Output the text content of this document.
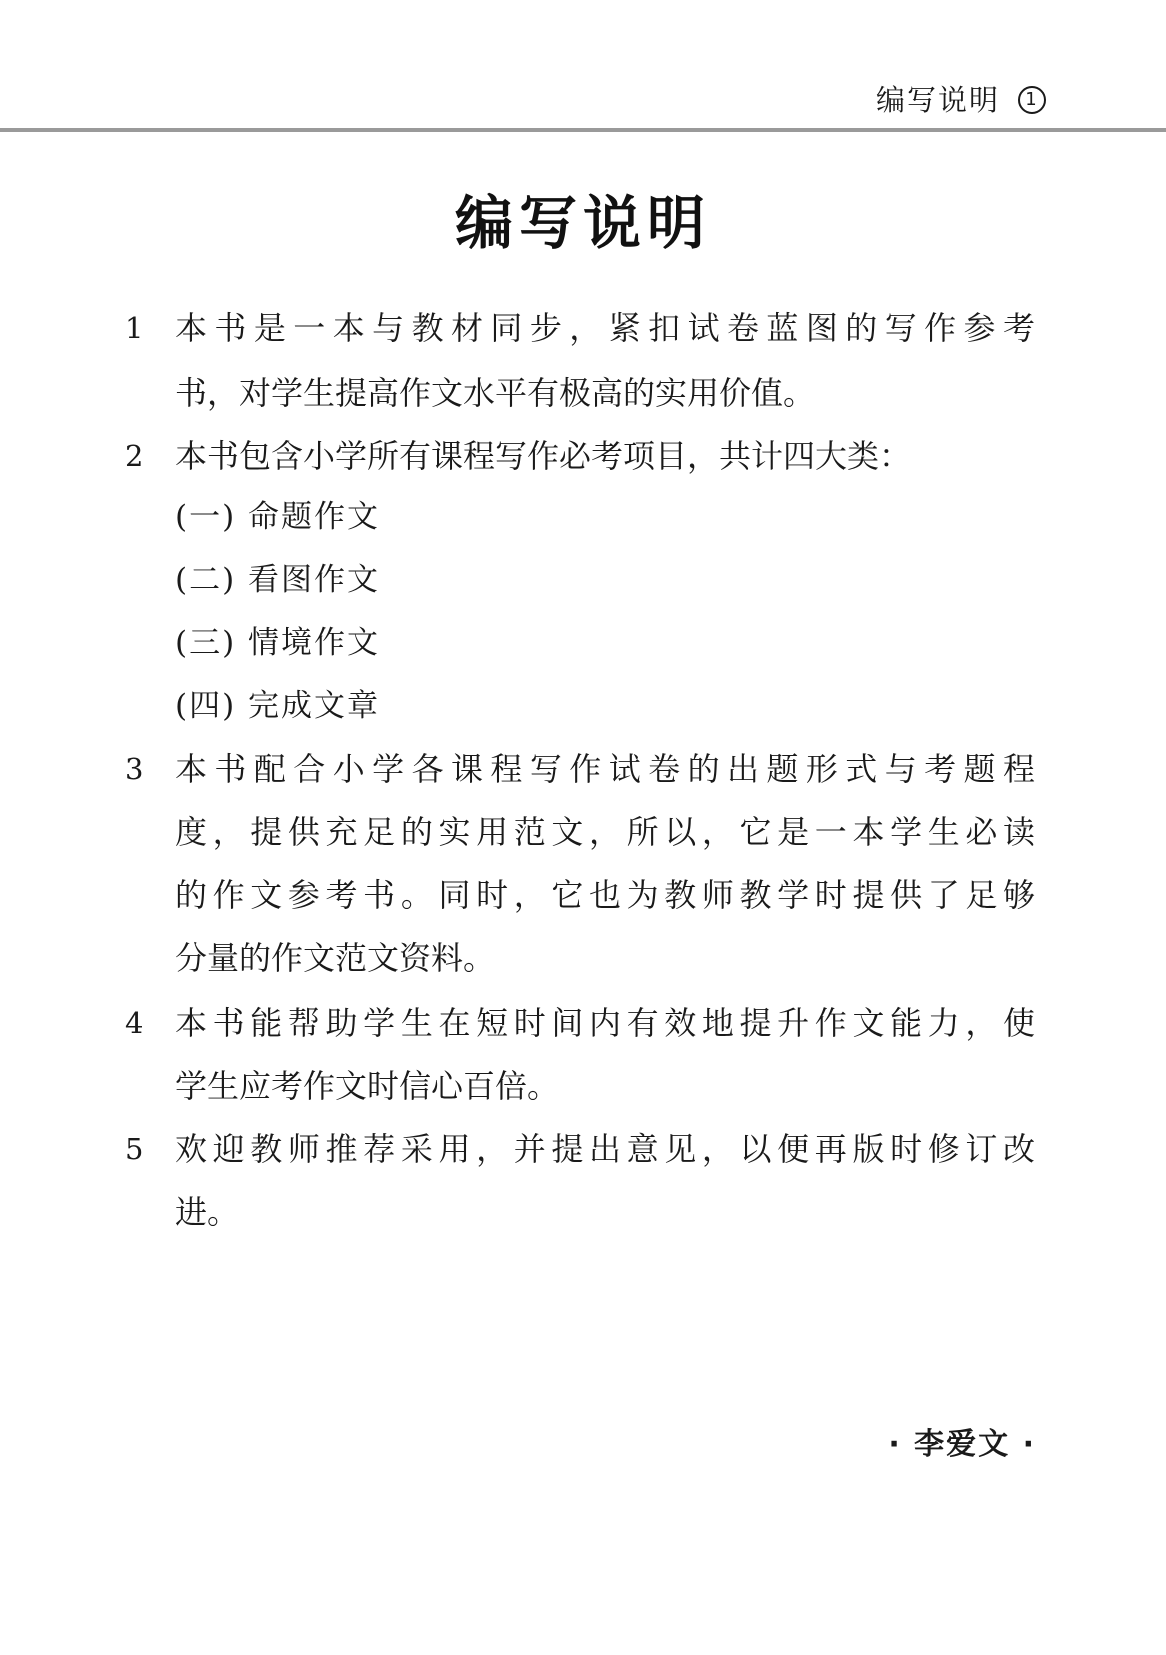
编写说明	1
编写说明
1 本书是一本与教材同步，紧扣试卷蓝图的写作参考
书，对学生提高作文水平有极高的实用价值。
2 本书包含小学所有课程写作必考项目，共计四大类：
(一) 命题作文
(二) 看图作文
(三) 情境作文
(四) 完成文章
3 本书配合小学各课程写作试卷的出题形式与考题程
度，提供充足的实用范文，所以，它是一本学生必读
的作文参考书。同时，它也为教师教学时提供了足够
分量的作文范文资料。
4 本书能帮助学生在短时间内有效地提升作文能力，使
学生应考作文时信心百倍。
5 欢迎教师推荐采用，并提出意见，以便再版时修订改
进。
· 李爱文 ·
